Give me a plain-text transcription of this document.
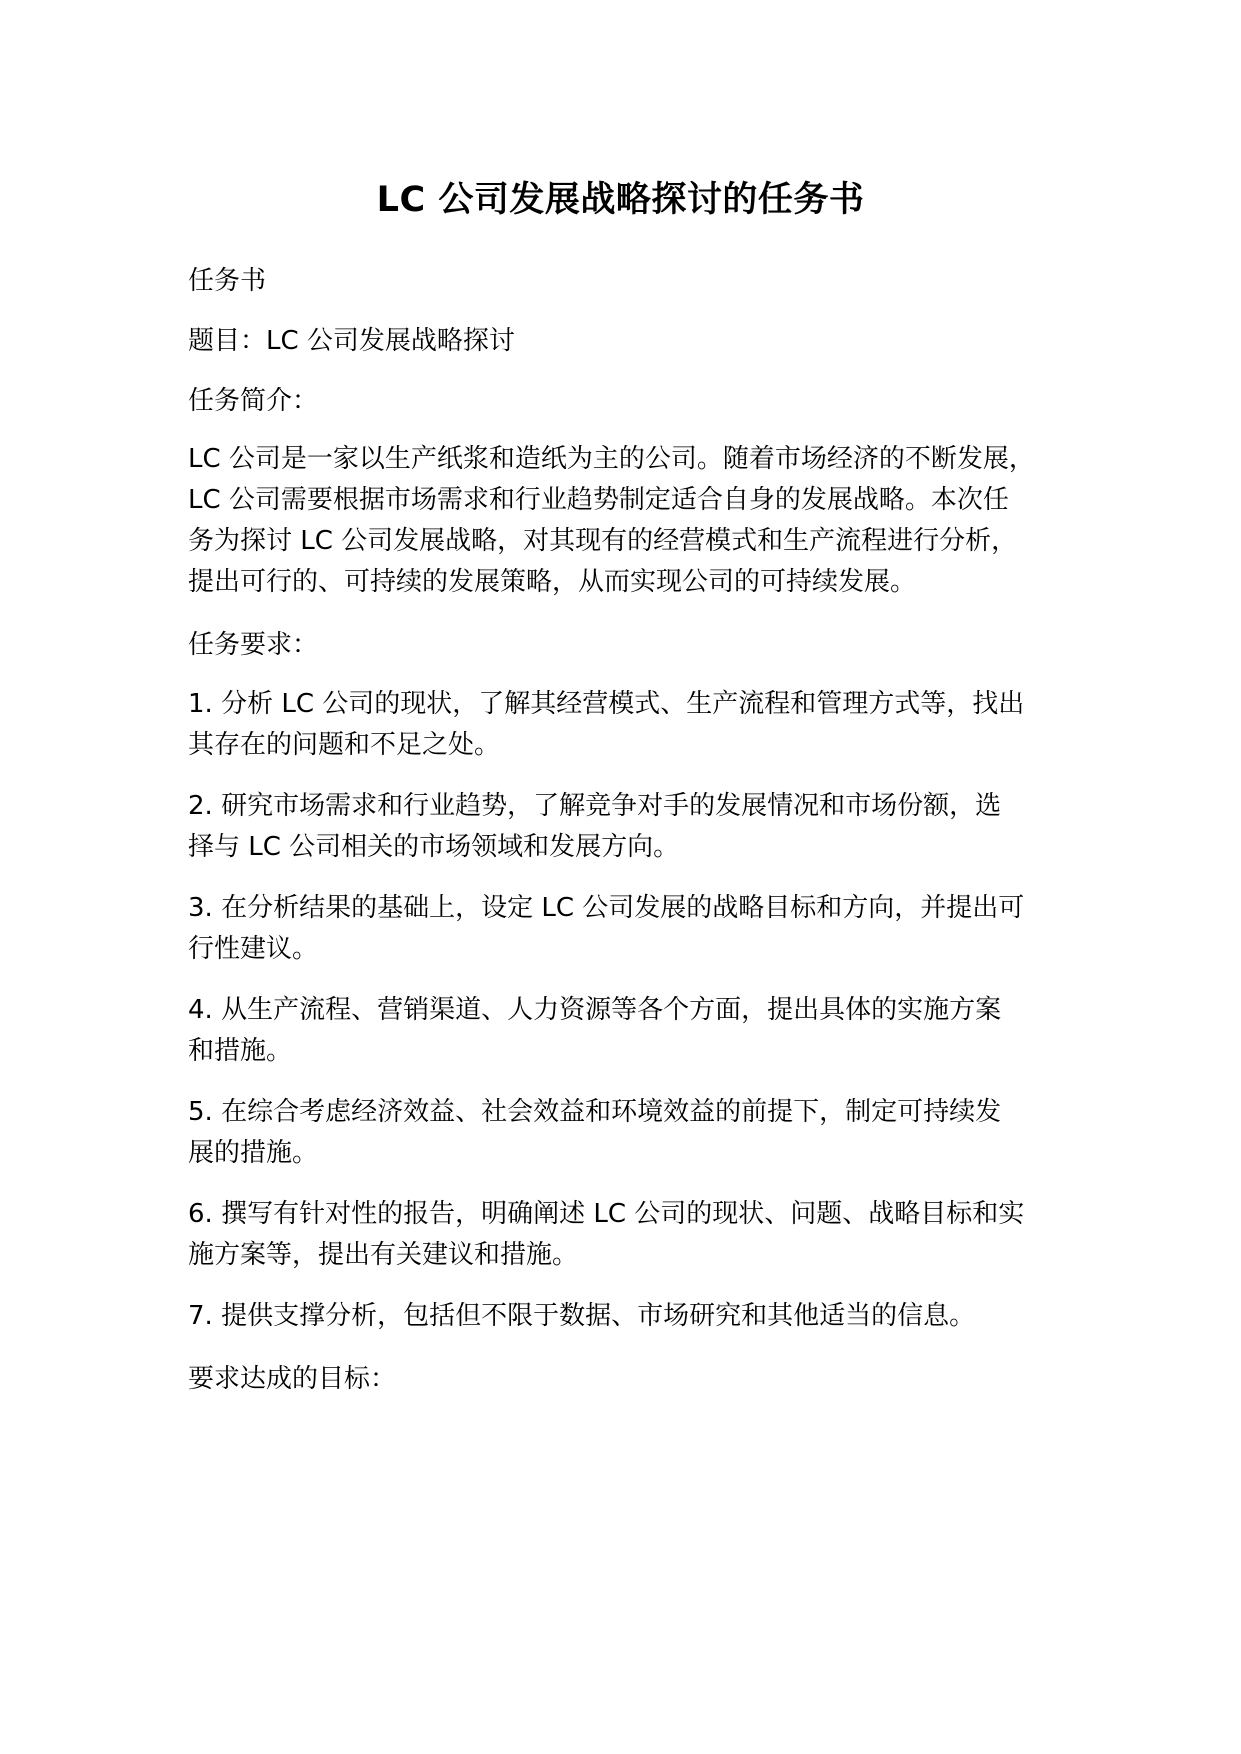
LC 公司发展战略探讨的任务书

任务书

题目：LC 公司发展战略探讨

任务简介：

LC 公司是一家以生产纸浆和造纸为主的公司。随着市场经济的不断发展，
LC 公司需要根据市场需求和行业趋势制定适合自身的发展战略。本次任
务为探讨 LC 公司发展战略，对其现有的经营模式和生产流程进行分析，
提出可行的、可持续的发展策略，从而实现公司的可持续发展。

任务要求：

1. 分析 LC 公司的现状，了解其经营模式、生产流程和管理方式等，找出
其存在的问题和不足之处。
2. 研究市场需求和行业趋势，了解竞争对手的发展情况和市场份额，选
择与 LC 公司相关的市场领域和发展方向。
3. 在分析结果的基础上，设定 LC 公司发展的战略目标和方向，并提出可
行性建议。
4. 从生产流程、营销渠道、人力资源等各个方面，提出具体的实施方案
和措施。
5. 在综合考虑经济效益、社会效益和环境效益的前提下，制定可持续发
展的措施。
6. 撰写有针对性的报告，明确阐述 LC 公司的现状、问题、战略目标和实
施方案等，提出有关建议和措施。
7. 提供支撑分析，包括但不限于数据、市场研究和其他适当的信息。

要求达成的目标：
